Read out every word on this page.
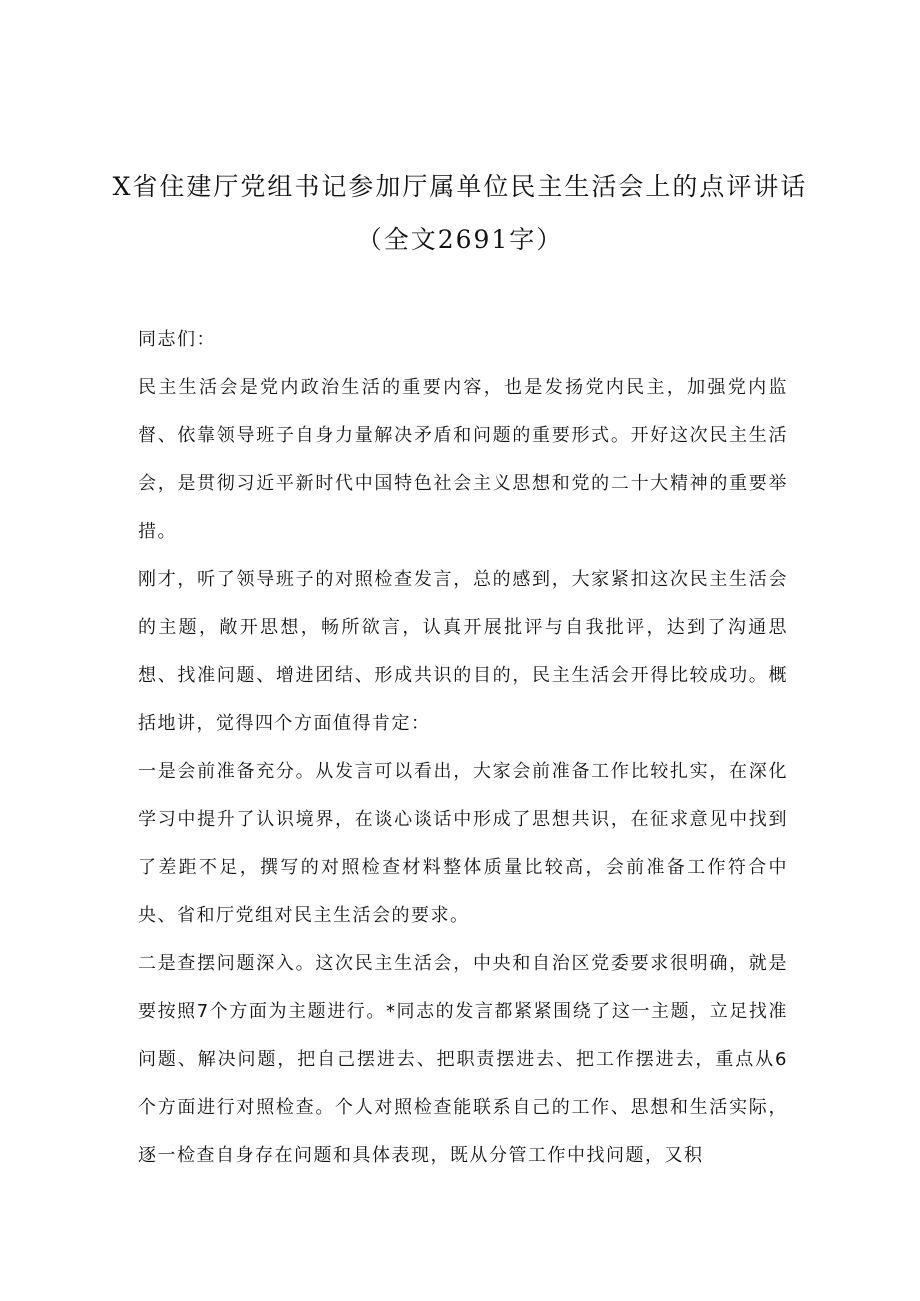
X省住建厅党组书记参加厅属单位民主生活会上的点评讲话
（全文2691字）

同志们：

民主生活会是党内政治生活的重要内容，也是发扬党内民主，加强党内监督、依靠领导班子自身力量解决矛盾和问题的重要形式。开好这次民主生活会，是贯彻习近平新时代中国特色社会主义思想和党的二十大精神的重要举措。

刚才，听了领导班子的对照检查发言，总的感到，大家紧扣这次民主生活会的主题，敞开思想，畅所欲言，认真开展批评与自我批评，达到了沟通思想、找准问题、增进团结、形成共识的目的，民主生活会开得比较成功。概括地讲，觉得四个方面值得肯定：

一是会前准备充分。从发言可以看出，大家会前准备工作比较扎实，在深化学习中提升了认识境界，在谈心谈话中形成了思想共识，在征求意见中找到了差距不足，撰写的对照检查材料整体质量比较高，会前准备工作符合中央、省和厅党组对民主生活会的要求。

二是查摆问题深入。这次民主生活会，中央和自治区党委要求很明确，就是要按照7个方面为主题进行。*同志的发言都紧紧围绕了这一主题，立足找准问题、解决问题，把自己摆进去、把职责摆进去、把工作摆进去，重点从6个方面进行对照检查。个人对照检查能联系自己的工作、思想和生活实际，逐一检查自身存在问题和具体表现，既从分管工作中找问题，又积
